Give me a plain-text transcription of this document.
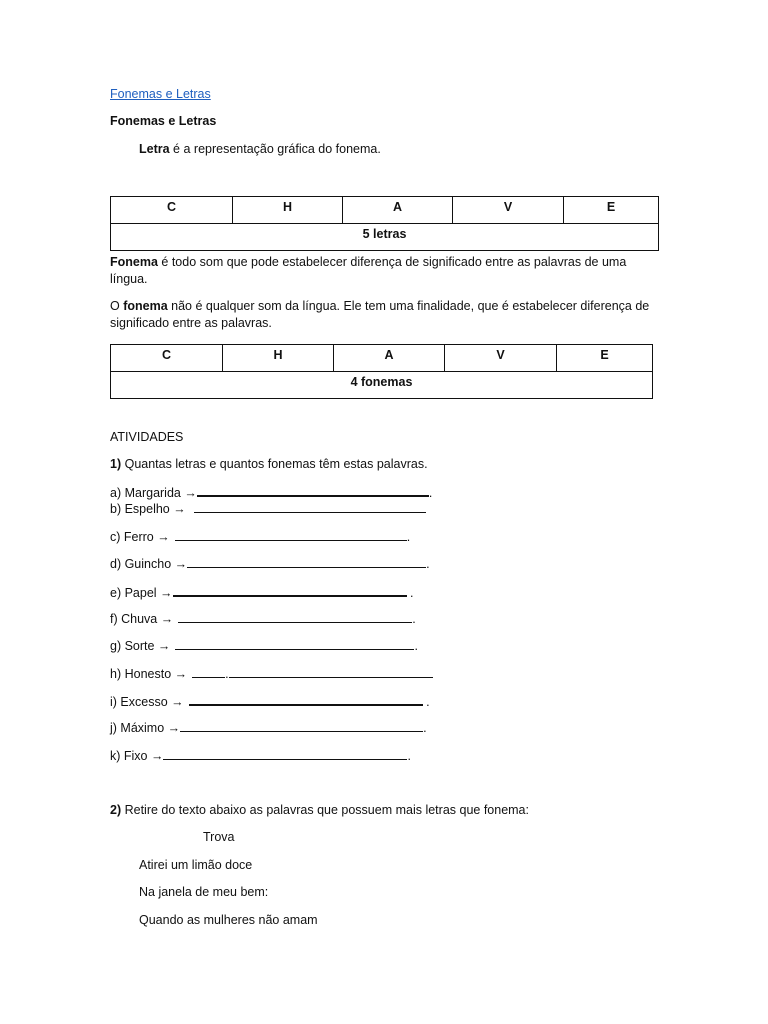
Fonemas e Letras
Fonemas e Letras
Letra é a representação gráfica do fonema.
C	H	A	V	E
5 letras
Fonema é todo som que pode estabelecer diferença de significado entre as palavras de uma língua.
O fonema não é qualquer som da língua. Ele tem uma finalidade, que é estabelecer diferença de significado entre as palavras.
C	H	A	V	E
4 fonemas
ATIVIDADES
1) Quantas letras e quantos fonemas têm estas palavras.
a) Margarida →	.
b) Espelho →
c) Ferro →	.
d) Guincho →	.
e) Papel →	.
f) Chuva →	.
g) Sorte →	.
h) Honesto →	.
i) Excesso →	.
j) Máximo →	.
k) Fixo →	.
2) Retire do texto abaixo as palavras que possuem mais letras que fonema:
Trova
Atirei um limão doce
Na janela de meu bem:
Quando as mulheres não amam
